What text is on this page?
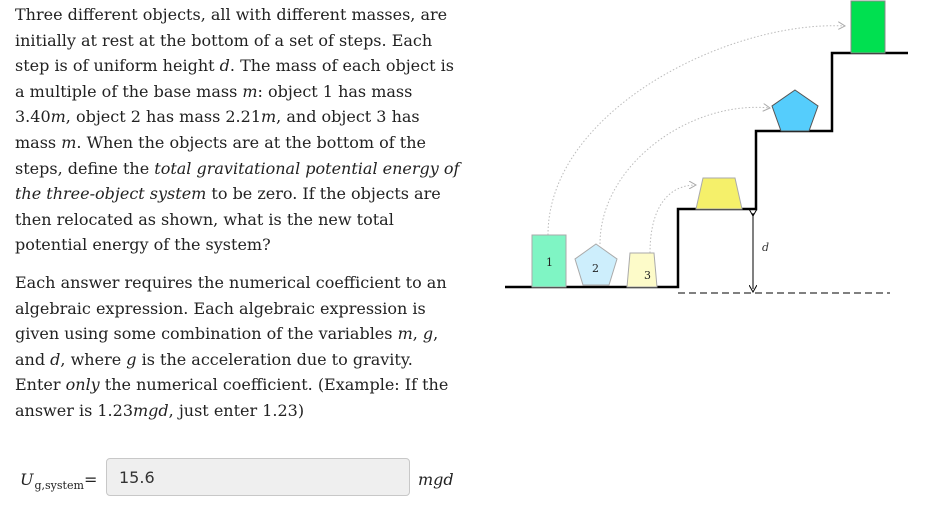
Three different objects, all with different masses, are initially at rest at the bottom of a set of steps. Each step is of uniform height d. The mass of each object is a multiple of the base mass m: object 1 has mass 3.40m, object 2 has mass 2.21m, and object 3 has mass m. When the objects are at the bottom of the steps, define the total gravitational potential energy of the three-object system to be zero. If the objects are then relocated as shown, what is the new total potential energy of the system?

Each answer requires the numerical coefficient to an algebraic expression. Each algebraic expression is given using some combination of the variables m, g, and d, where g is the acceleration due to gravity. Enter only the numerical coefficient. (Example: If the answer is 1.23mgd, just enter 1.23)

$U_{g,system}$ =
15.6	mgd
d
1	2
3
